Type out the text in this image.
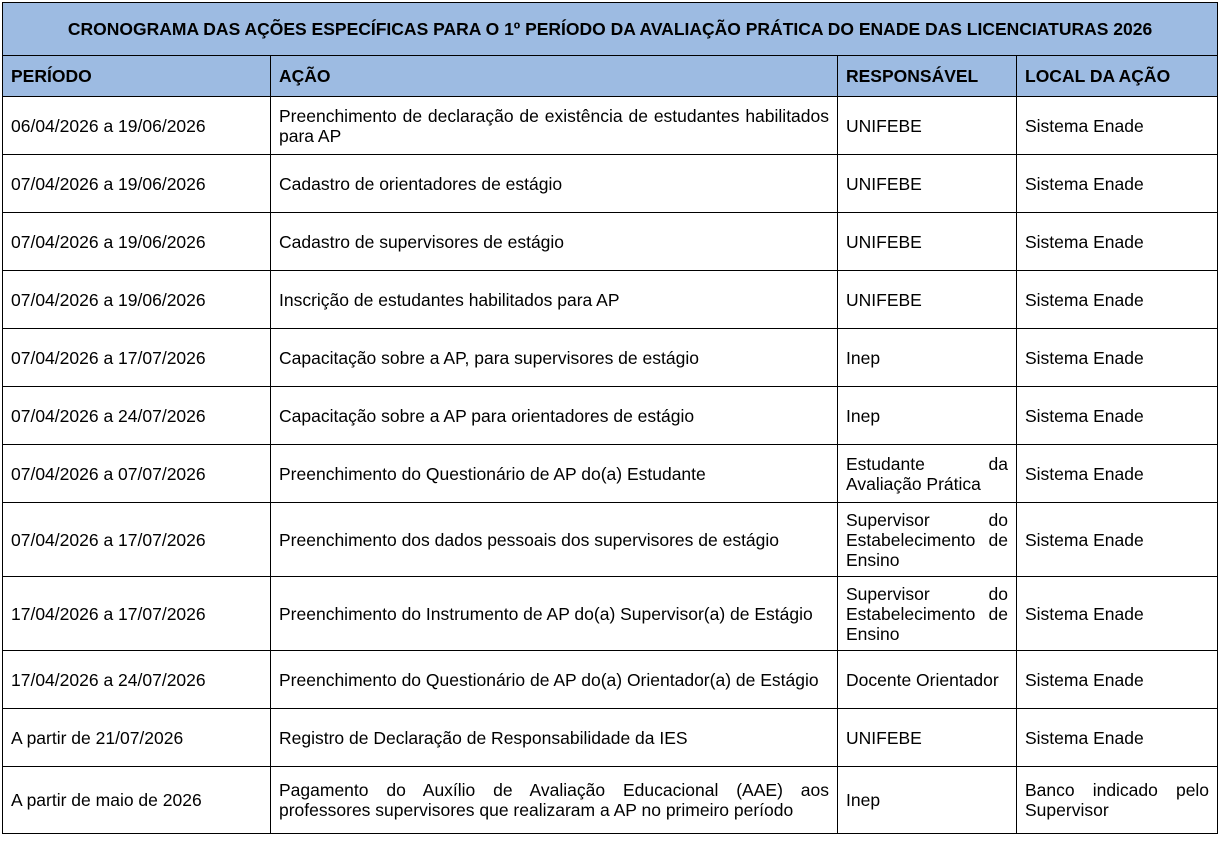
CRONOGRAMA DAS AÇÕES ESPECÍFICAS PARA O 1º PERÍODO DA AVALIAÇÃO PRÁTICA DO ENADE DAS LICENCIATURAS 2026			
PERÍODO	AÇÃO	RESPONSÁVEL	LOCAL DA AÇÃO
06/04/2026 a 19/06/2026	Preenchimento de declaração de existência de estudantes habilitados para AP	UNIFEBE	Sistema Enade
07/04/2026 a 19/06/2026	Cadastro de orientadores de estágio	UNIFEBE	Sistema Enade
07/04/2026 a 19/06/2026	Cadastro de supervisores de estágio	UNIFEBE	Sistema Enade
07/04/2026 a 19/06/2026	Inscrição de estudantes habilitados para AP	UNIFEBE	Sistema Enade
07/04/2026 a 17/07/2026	Capacitação sobre a AP, para supervisores de estágio	Inep	Sistema Enade
07/04/2026 a 24/07/2026	Capacitação sobre a AP para orientadores de estágio	Inep	Sistema Enade
07/04/2026 a 07/07/2026	Preenchimento do Questionário de AP do(a) Estudante	Estudante da Avaliação Prática	Sistema Enade
07/04/2026 a 17/07/2026	Preenchimento dos dados pessoais dos supervisores de estágio	Supervisor do Estabelecimento de Ensino	Sistema Enade
17/04/2026 a 17/07/2026	Preenchimento do Instrumento de AP do(a) Supervisor(a) de Estágio	Supervisor do Estabelecimento de Ensino	Sistema Enade
17/04/2026 a 24/07/2026	Preenchimento do Questionário de AP do(a) Orientador(a) de Estágio	Docente Orientador	Sistema Enade
A partir de 21/07/2026	Registro de Declaração de Responsabilidade da IES	UNIFEBE	Sistema Enade
A partir de maio de 2026	Pagamento do Auxílio de Avaliação Educacional (AAE) aos professores supervisores que realizaram a AP no primeiro período	Inep	Banco indicado pelo Supervisor
